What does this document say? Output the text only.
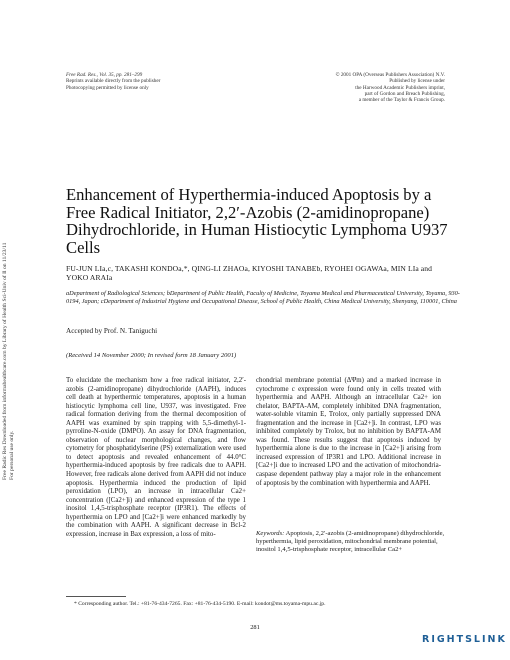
Free Radic Res Downloaded from informahealthcare.com by Library of Health Sci-Univ of Il on 11/23/11 For personal use only.
Free Rad. Res., Vol. 35, pp. 281–299
Reprints available directly from the publisher
Photocopying permitted by license only
© 2001 OPA (Overseas Publishers Association) N.V.
Published by license under
the Harwood Academic Publishers imprint,
part of Gordon and Breach Publishing,
a member of the Taylor & Francis Group.
Enhancement of Hyperthermia-induced Apoptosis by a Free Radical Initiator, 2,2′-Azobis (2-amidinopropane) Dihydrochloride, in Human Histiocytic Lymphoma U937 Cells
FU-JUN LIa,c, TAKASHI KONDOa,*, QING-LI ZHAOa, KIYOSHI TANABEb, RYOHEI OGAWAa, MIN LIa and YOKO ARAIa
aDepartment of Radiological Sciences; bDepartment of Public Health, Faculty of Medicine, Toyama Medical and Pharmaceutical University, Toyama, 930-0194, Japan; cDepartment of Industrial Hygiene and Occupational Disease, School of Public Health, China Medical University, Shenyang, 110001, China
Accepted by Prof. N. Taniguchi
(Received 14 November 2000; In revised form 18 January 2001)

To elucidate the mechanism how a free radical initiator, 2,2′-azobis (2-amidinopropane) dihydrochloride (AAPH), induces cell death at hyperthermic temperatures, apoptosis in a human histiocytic lymphoma cell line, U937, was investigated. Free radical formation deriving from the thermal decomposition of AAPH was examined by spin trapping with 5,5-dimethyl-1-pyrroline-N-oxide (DMPO). An assay for DNA fragmentation, observation of nuclear morphological changes, and flow cytometry for phosphatidylserine (PS) externalization were used to detect apoptosis and revealed enhancement of 44.0°C hyperthermia-induced apoptosis by free radicals due to AAPH. However, free radicals alone derived from AAPH did not induce apoptosis. Hyperthermia induced the production of lipid peroxidation (LPO), an increase in intracellular Ca2+ concentration ([Ca2+]i) and enhanced expression of the type 1 inositol 1,4,5-trisphosphate receptor (IP3R1). The effects of hyperthermia on LPO and [Ca2+]i were enhanced markedly by the combination with AAPH. A significant decrease in Bcl-2 expression, increase in Bax expression, a loss of mito-

chondrial membrane potential (ΔΨm) and a marked increase in cytochrome c expression were found only in cells treated with hyperthermia and AAPH. Although an intracellular Ca2+ ion chelator, BAPTA-AM, completely inhibited DNA fragmentation, water-soluble vitamin E, Trolox, only partially suppressed DNA fragmentation and the increase in [Ca2+]i. In contrast, LPO was inhibited completely by Trolox, but no inhibition by BAPTA-AM was found. These results suggest that apoptosis induced by hyperthermia alone is due to the increase in [Ca2+]i arising from increased expression of IP3R1 and LPO. Additional increase in [Ca2+]i due to increased LPO and the activation of mitochondria-caspase dependent pathway play a major role in the enhancement of apoptosis by the combination with hyperthermia and AAPH.

Keywords: Apoptosis, 2,2′-azobis (2-amidinopropane) dihydrochloride, hyperthermia, lipid peroxidation, mitochondrial membrane potential, inositol 1,4,5-trisphosphate receptor, intracellular Ca2+
* Corresponding author. Tel.: +81-76-434-7265. Fax: +81-76-434-5190. E-mail: kondot@ms.toyama-mpu.ac.jp.
281
RIGHTSLINK
